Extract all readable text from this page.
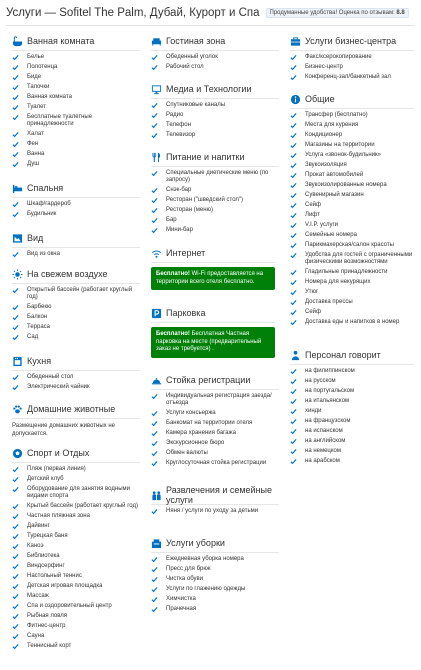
Услуги — Sofitel The Palm, Дубай, Курорт и Спа	Продуманные удобства! Оценка по отзывам: 8.8
Ванная комната
Белье
Полотенца
Биде
Тапочки
Ванная комната
Туалет
Бесплатные туалетные принадлежности
Халат
Фен
Ванна
Душ
Спальня
Шкаф/гардероб
Будильник
Вид
Вид из окна
На свежем воздухе
Открытый бассейн (работает круглый год)
Барбекю
Балкон
Терраса
Сад
Кухня
Обеденный стол
Электрический чайник
Домашние животные
Размещение домашних животных не допускается.
Спорт и Отдых
Пляж (первая линия)
Детский клуб
Оборудование для занятия водными видами спорта
Крытый бассейн (работает круглый год)
Частная пляжная зона
Дайвинг
Турецкая баня
Каноэ
Библиотека
Виндсерфинг
Настольный теннис
Детская игровая площадка
Массаж
Спа и оздоровительный центр
Рыбная ловля
Фитнес-центр
Сауна
Теннисный корт
Гостиная зона
Обеденный уголок
Рабочий стол
Медиа и Технологии
Спутниковые каналы
Радио
Телефон
Телевизор
Питание и напитки
Специальные диетические меню (по запросу)
Снэк-бар
Ресторан ("шведский стол")
Ресторан (меню)
Бар
Мини-бар
Интернет
Бесплатно! Wi-Fi предоставляется на территории всего отеля бесплатно.
Парковка
Бесплатно! Бесплатная Частная парковка на месте (предварительный заказ не требуется) .
Стойка регистрации
Индивидуальная регистрация заезда/отъезда
Услуги консьержа
Банкомат на территории отеля
Камера хранения багажа
Экскурсионное бюро
Обмен валюты
Круглосуточная стойка регистрации
Развлечения и семейные услуги
Няня / услуги по уходу за детьми
Услуги уборки
Ежедневная уборка номера
Пресс для брюк
Чистка обуви
Услуги по глажению одежды
Химчистка
Прачечная
Услуги бизнес-центра
Факс/ксерокопирование
Бизнес-центр
Конференц-зал/банкетный зал
Общие
Трансфер (бесплатно)
Места для курения
Кондиционер
Магазины на территории
Услуга «звонок-будильник»
Звукоизоляция
Прокат автомобилей
Звукоизолированные номера
Сувенирный магазин
Сейф
Лифт
V.I.P. услуги
Семейные номера
Парикмахерская/салон красоты
Удобства для гостей с ограниченными физическими возможностями
Гладильные принадлежности
Номера для некурящих
Утюг
Доставка прессы
Сейф
Доставка еды и напитков в номер
Персонал говорит
на филиппинском
на русском
на португальском
на итальянском
хинди
на французском
на испанском
на английском
на немецком
на арабском
